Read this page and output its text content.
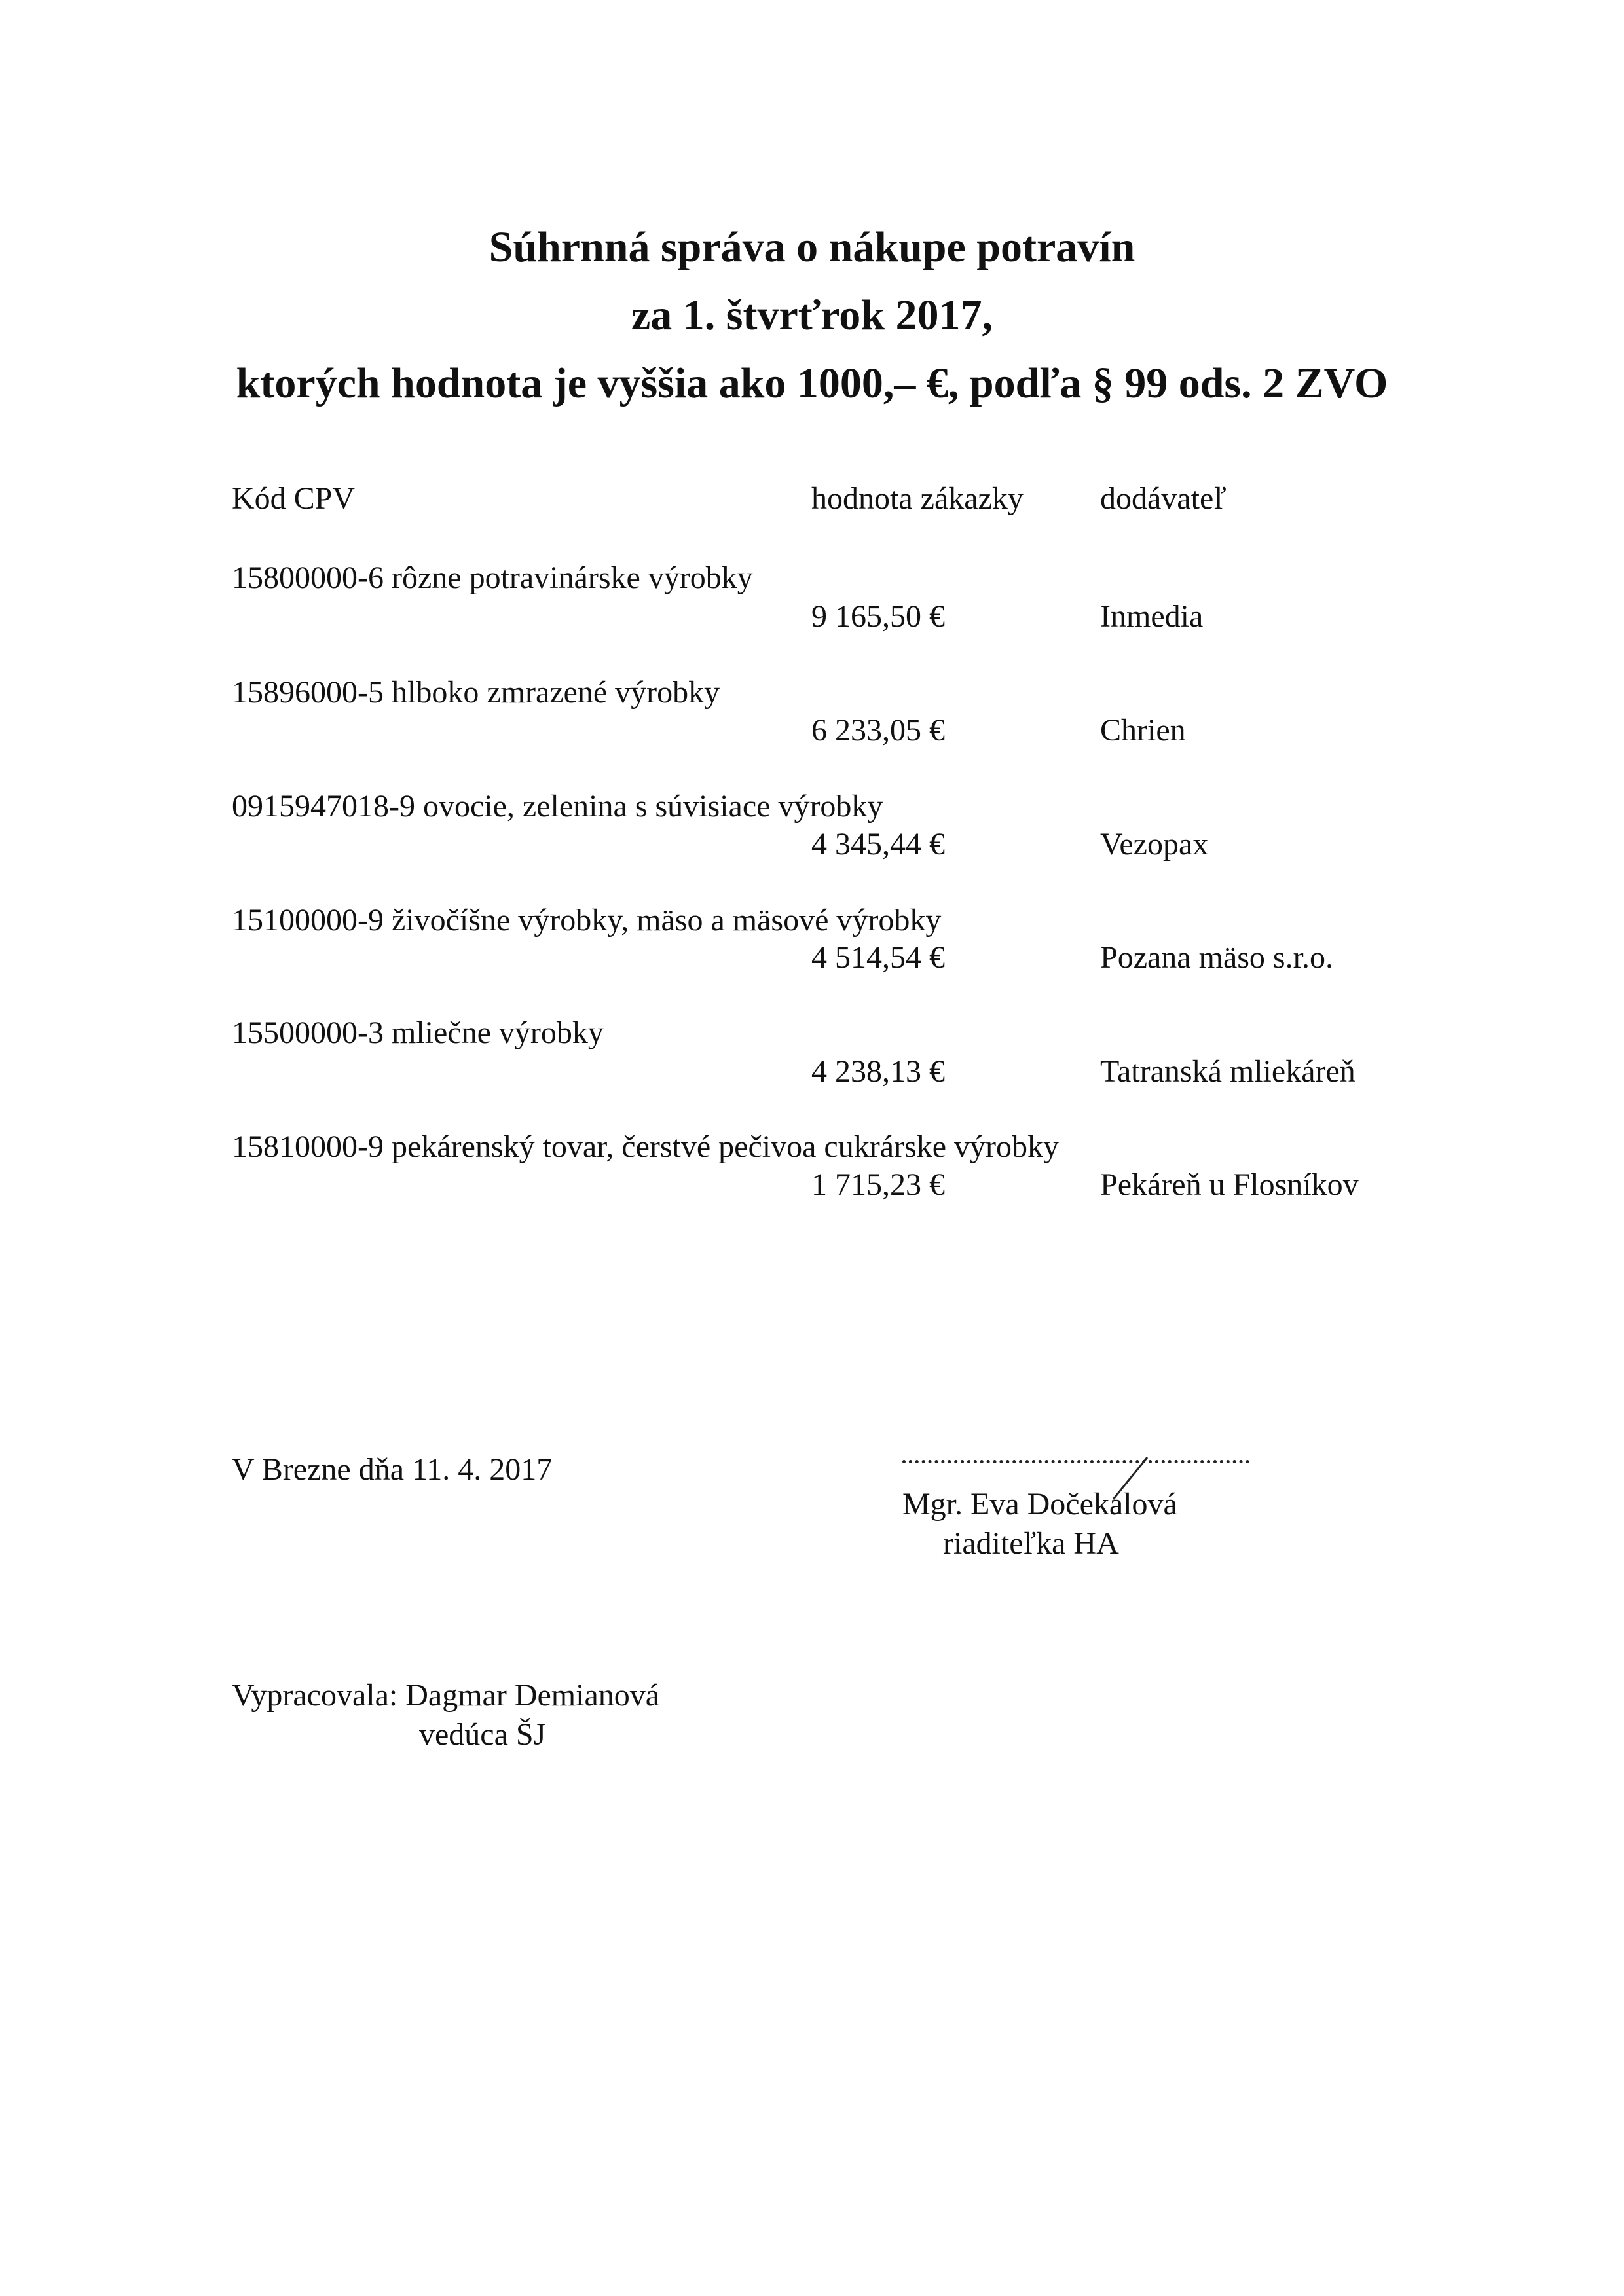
Súhrnná správa o nákupe potravín
za 1. štvrťrok 2017,
ktorých hodnota je vyššia ako 1000,– €, podľa § 99 ods. 2 ZVO
Kód CPV	hodnota zákazky dodávateľ
15800000-6 rôzne potravinárske výrobky
9 165,50 €	Inmedia
15896000-5 hlboko zmrazené výrobky
6 233,05 €	Chrien
0915947018-9 ovocie, zelenina s súvisiace výrobky
4 345,44 €	Vezopax
15100000-9 živočíšne výrobky, mäso a mäsové výrobky
4 514,54 €	Pozana mäso s.r.o.
15500000-3 mliečne výrobky
4 238,13 €	Tatranská mliekáreň
15810000-9 pekárenský tovar, čerstvé pečivoa cukrárske výrobky
1 715,23 €	Pekáreň u Flosníkov
V Brezne dňa 11. 4. 2017
Mgr. Eva Dočekalová
riaditeľka HA
Vypracovala: Dagmar Demianová
vedúca ŠJ
